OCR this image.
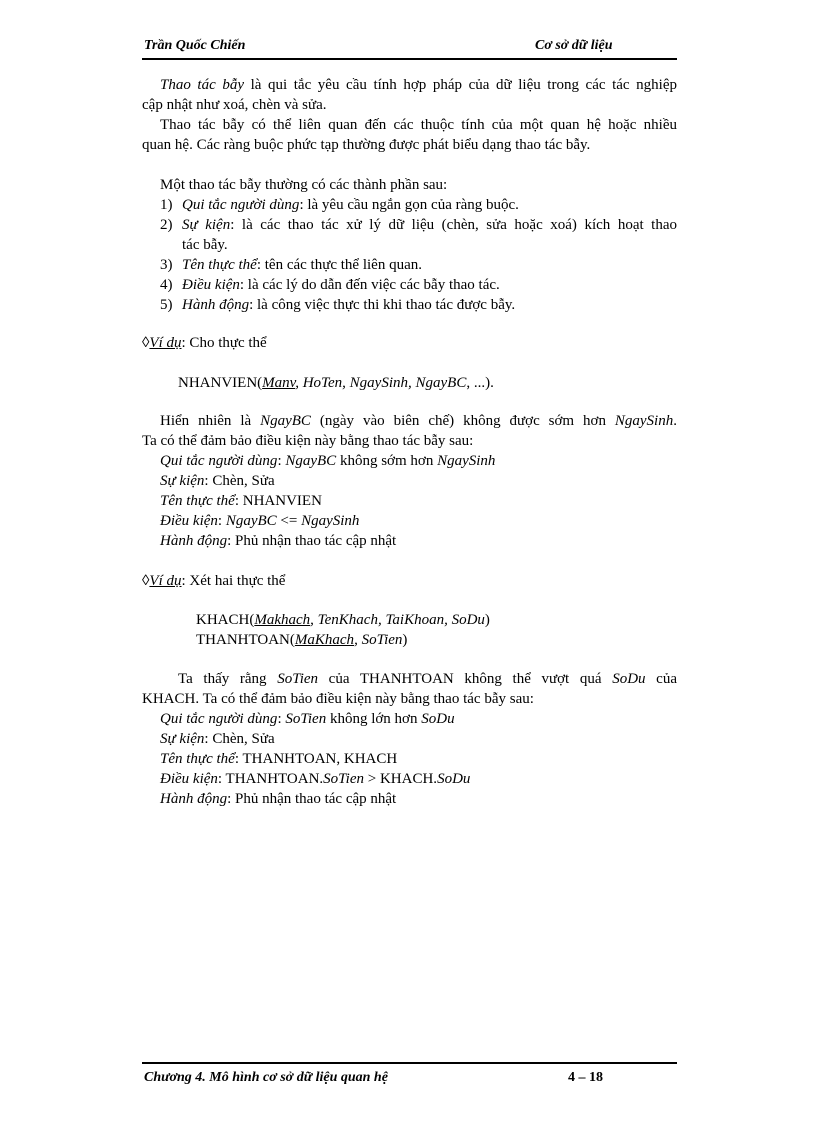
Trần Quốc Chiến	Cơ sở dữ liệu
Thao tác bẫy là qui tắc yêu cầu tính hợp pháp của dữ liệu trong các tác nghiệp
cập nhật như xoá, chèn và sửa.
Thao tác bẫy có thể liên quan đến các thuộc tính của một quan hệ hoặc nhiều
quan hệ. Các ràng buộc phức tạp thường được phát biểu dạng thao tác bẫy.
Một thao tác bẫy thường có các thành phần sau:
1) Qui tắc người dùng: là yêu cầu ngắn gọn của ràng buộc.
2) Sự kiện: là các thao tác xử lý dữ liệu (chèn, sửa hoặc xoá) kích hoạt thao
tác bẫy.
3) Tên thực thể: tên các thực thể liên quan.
4) Điều kiện: là các lý do dẫn đến việc các bẫy thao tác.
5) Hành động: là công việc thực thi khi thao tác được bẫy.
◊Ví dụ: Cho thực thể
NHANVIEN(Manv, HoTen, NgaySinh, NgayBC, ...).
Hiển nhiên là NgayBC (ngày vào biên chế) không được sớm hơn NgaySinh.
Ta có thể đảm bảo điều kiện này bằng thao tác bẫy sau:
Qui tắc người dùng: NgayBC không sớm hơn NgaySinh
Sự kiện: Chèn, Sửa
Tên thực thể: NHANVIEN
Điều kiện: NgayBC <= NgaySinh
Hành động: Phủ nhận thao tác cập nhật
◊Ví dụ: Xét hai thực thể
KHACH(Makhach, TenKhach, TaiKhoan, SoDu)
THANHTOAN(MaKhach, SoTien)
Ta thấy rằng SoTien của THANHTOAN không thể vượt quá SoDu của
KHACH. Ta có thể đảm bảo điều kiện này bằng thao tác bẫy sau:
Qui tắc người dùng: SoTien không lớn hơn SoDu
Sự kiện: Chèn, Sửa
Tên thực thể: THANHTOAN, KHACH
Điều kiện: THANHTOAN.SoTien > KHACH.SoDu
Hành động: Phủ nhận thao tác cập nhật
Chương 4. Mô hình cơ sở dữ liệu quan hệ	4 – 18
